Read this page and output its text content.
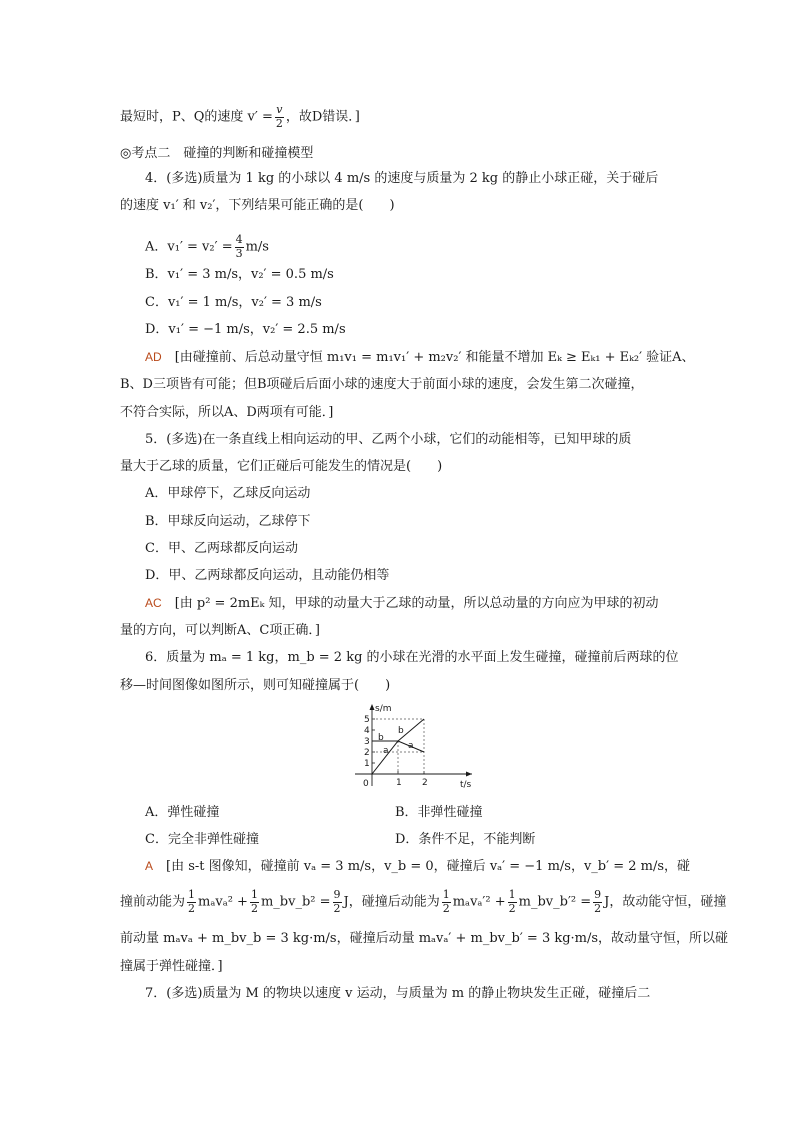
最短时，P、Q的速度 $v' = \frac{v}{2}$ ，故D错误．]
◎考点二　碰撞的判断和碰撞模型
4．(多选)质量为 1 kg 的小球以 4 m/s 的速度与质量为 2 kg 的静止小球正碰，关于碰后
的速度 v₁′ 和 v₂′，下列结果可能正确的是(　　)
A．$v_1' = v_2' = \frac{4}{3} m/s$
B．v₁′ = 3 m/s，v₂′ = 0.5 m/s
C．v₁′ = 1 m/s，v₂′ = 3 m/s
D．v₁′ = −1 m/s，v₂′ = 2.5 m/s
AD　 [由碰撞前、后总动量守恒 m₁v₁ = m₁v₁′ + m₂v₂′ 和能量不增加 Eₖ ≥ Eₖ₁ + Eₖ₂′ 验证A、
B、D三项皆有可能；但B项碰后后面小球的速度大于前面小球的速度，会发生第二次碰撞，
不符合实际，所以A、D两项有可能．]
5．(多选)在一条直线上相向运动的甲、乙两个小球，它们的动能相等，已知甲球的质
量大于乙球的质量，它们正碰后可能发生的情况是(　　)
A．甲球停下，乙球反向运动
B．甲球反向运动，乙球停下
C．甲、乙两球都反向运动
D．甲、乙两球都反向运动，且动能仍相等
AC　 [由 p² = 2mEₖ 知，甲球的动量大于乙球的动量，所以总动量的方向应为甲球的初动
量的方向，可以判断A、C项正确．]
6．质量为 mₐ = 1 kg，m_b = 2 kg 的小球在光滑的水平面上发生碰撞，碰撞前后两球的位
移—时间图像如图所示，则可知碰撞属于(　　)
s/m
t/s
0
1
2
3
4
5
1 2
a
b
b
a
A．弹性碰撞	B．非弹性碰撞
C．完全非弹性碰撞	D．条件不足，不能判断
A　 [由 s-t 图像知，碰撞前 vₐ = 3 m/s，v_b = 0，碰撞后 vₐ′ = −1 m/s，v_b′ = 2 m/s，碰
撞前动能为 $\frac{1}{2} m_av_a^2 + \frac{1}{2}$ m_bv_b² = $\frac{9}{2}$ J，碰撞后动能为 $\frac{1}{2} m_av_a'^2 + \frac{1}{2}$ m_bv_b′² = $\frac{9}{2}$ J，故动能守恒，碰撞
前动量 mₐvₐ + m_bv_b = 3 kg·m/s，碰撞后动量 mₐvₐ′ + m_bv_b′ = 3 kg·m/s，故动量守恒，所以碰
撞属于弹性碰撞．]
7．(多选)质量为 M 的物块以速度 v 运动，与质量为 m 的静止物块发生正碰，碰撞后二
